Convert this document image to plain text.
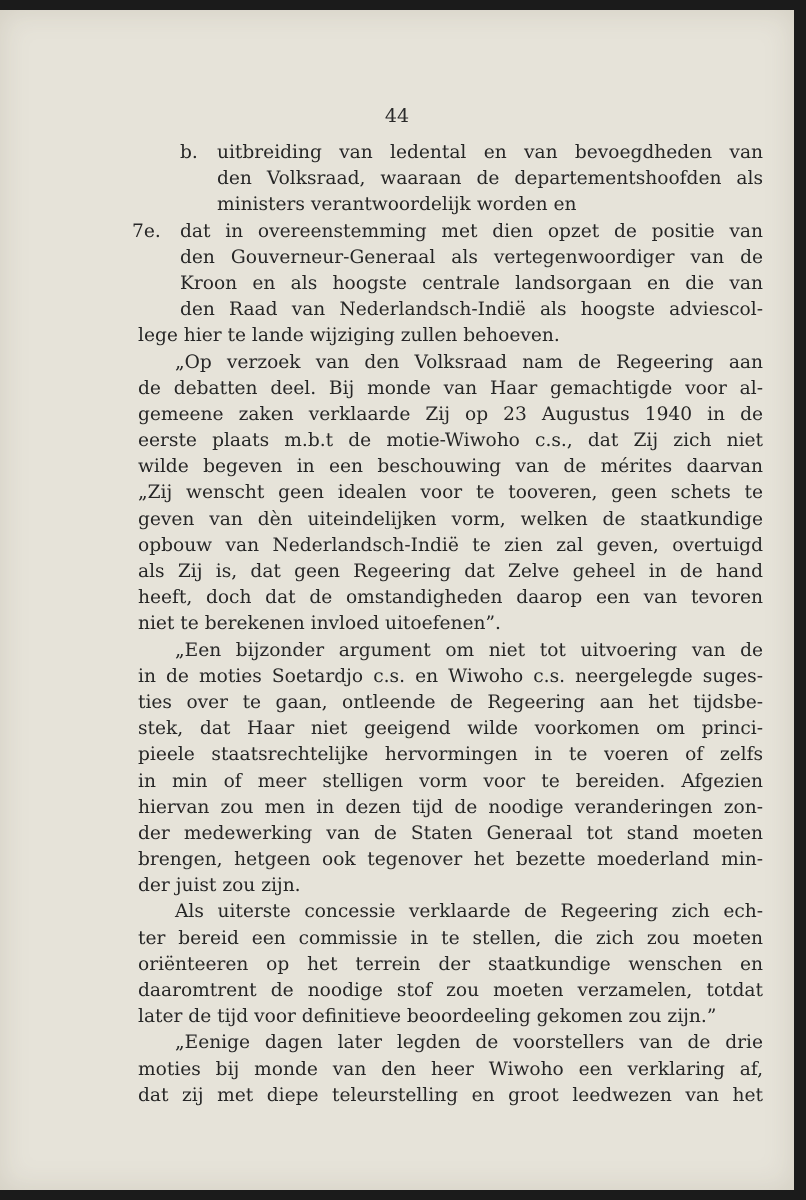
44
b. uitbreiding van ledental en van bevoegdheden van
den Volksraad, waaraan de departementshoofden als
ministers verantwoordelijk worden en
7e. dat in overeenstemming met dien opzet de positie van
den Gouverneur-Generaal als vertegenwoordiger van de
Kroon en als hoogste centrale landsorgaan en die van
den Raad van Nederlandsch-Indië als hoogste adviescol-
lege hier te lande wijziging zullen behoeven.
„Op verzoek van den Volksraad nam de Regeering aan
de debatten deel. Bij monde van Haar gemachtigde voor al-
gemeene zaken verklaarde Zij op 23 Augustus 1940 in de
eerste plaats m.b.t de motie-Wiwoho c.s., dat Zij zich niet
wilde begeven in een beschouwing van de mérites daarvan
„Zij wenscht geen idealen voor te tooveren, geen schets te
geven van dèn uiteindelijken vorm, welken de staatkundige
opbouw van Nederlandsch-Indië te zien zal geven, overtuigd
als Zij is, dat geen Regeering dat Zelve geheel in de hand
heeft, doch dat de omstandigheden daarop een van tevoren
niet te berekenen invloed uitoefenen”.
„Een bijzonder argument om niet tot uitvoering van de
in de moties Soetardjo c.s. en Wiwoho c.s. neergelegde suges-
ties over te gaan, ontleende de Regeering aan het tijdsbe-
stek, dat Haar niet geeigend wilde voorkomen om princi-
pieele staatsrechtelijke hervormingen in te voeren of zelfs
in min of meer stelligen vorm voor te bereiden. Afgezien
hiervan zou men in dezen tijd de noodige veranderingen zon-
der medewerking van de Staten Generaal tot stand moeten
brengen, hetgeen ook tegenover het bezette moederland min-
der juist zou zijn.
Als uiterste concessie verklaarde de Regeering zich ech-
ter bereid een commissie in te stellen, die zich zou moeten
oriënteeren op het terrein der staatkundige wenschen en
daaromtrent de noodige stof zou moeten verzamelen, totdat
later de tijd voor definitieve beoordeeling gekomen zou zijn.”
„Eenige dagen later legden de voorstellers van de drie
moties bij monde van den heer Wiwoho een verklaring af,
dat zij met diepe teleurstelling en groot leedwezen van het
